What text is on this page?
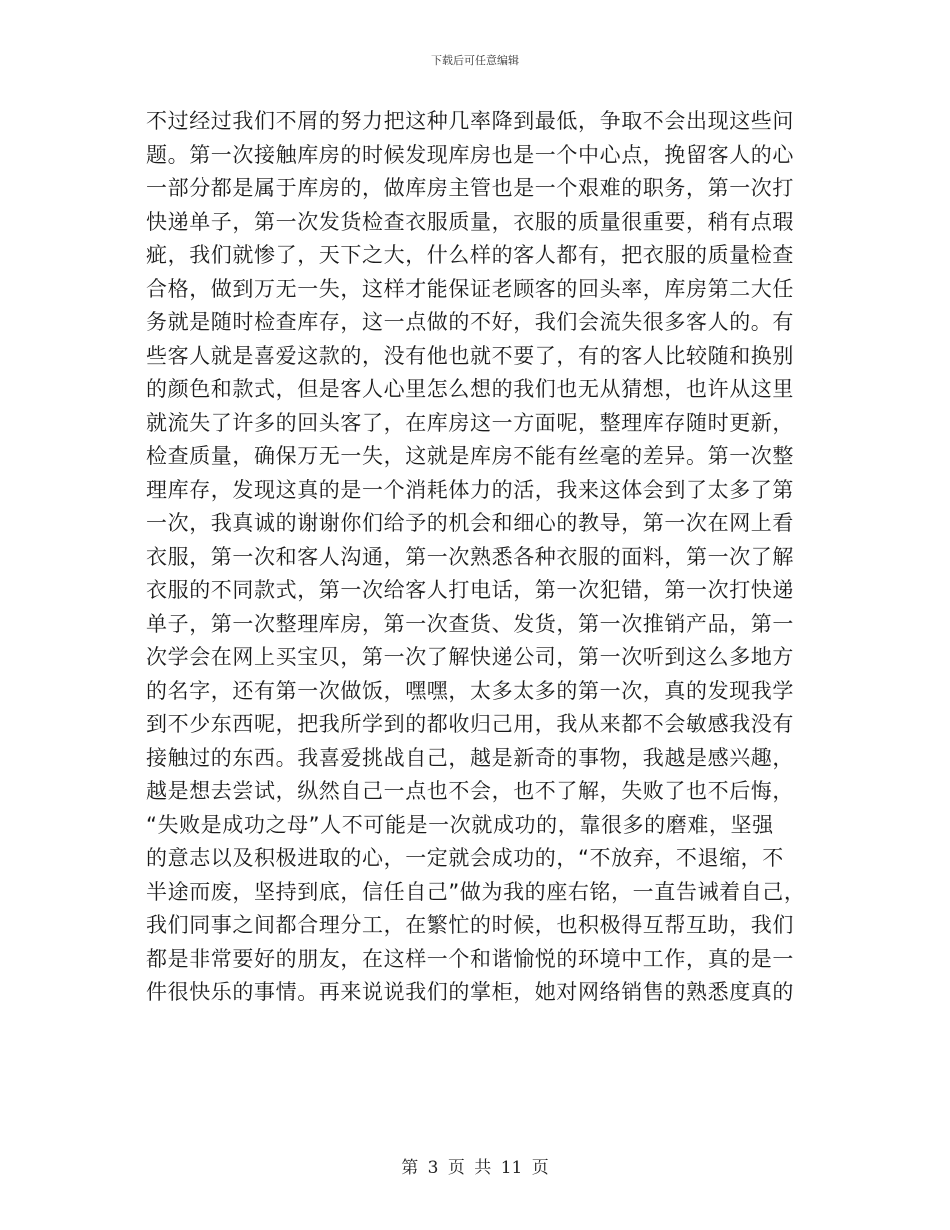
下载后可任意编辑
不过经过我们不屑的努力把这种几率降到最低，争取不会出现这些问
题。第一次接触库房的时候发现库房也是一个中心点，挽留客人的心
一部分都是属于库房的，做库房主管也是一个艰难的职务，第一次打
快递单子，第一次发货检查衣服质量，衣服的质量很重要，稍有点瑕
疵，我们就惨了，天下之大，什么样的客人都有，把衣服的质量检查
合格，做到万无一失，这样才能保证老顾客的回头率，库房第二大任
务就是随时检查库存，这一点做的不好，我们会流失很多客人的。有
些客人就是喜爱这款的，没有他也就不要了，有的客人比较随和换别
的颜色和款式，但是客人心里怎么想的我们也无从猜想，也许从这里
就流失了许多的回头客了，在库房这一方面呢，整理库存随时更新，
检查质量，确保万无一失，这就是库房不能有丝毫的差异。第一次整
理库存，发现这真的是一个消耗体力的活，我来这体会到了太多了第
一次，我真诚的谢谢你们给予的机会和细心的教导，第一次在网上看
衣服，第一次和客人沟通，第一次熟悉各种衣服的面料，第一次了解
衣服的不同款式，第一次给客人打电话，第一次犯错，第一次打快递
单子，第一次整理库房，第一次查货、发货，第一次推销产品，第一
次学会在网上买宝贝，第一次了解快递公司，第一次听到这么多地方
的名字，还有第一次做饭，嘿嘿，太多太多的第一次，真的发现我学
到不少东西呢，把我所学到的都收归己用，我从来都不会敏感我没有
接触过的东西。我喜爱挑战自己，越是新奇的事物，我越是感兴趣，
越是想去尝试，纵然自己一点也不会，也不了解，失败了也不后悔，
“失败是成功之母”人不可能是一次就成功的，靠很多的磨难，坚强
的意志以及积极进取的心，一定就会成功的，“不放弃，不退缩，不
半途而废，坚持到底，信任自己”做为我的座右铭，一直告诫着自己，
我们同事之间都合理分工，在繁忙的时候，也积极得互帮互助，我们
都是非常要好的朋友，在这样一个和谐愉悦的环境中工作，真的是一
件很快乐的事情。再来说说我们的掌柜，她对网络销售的熟悉度真的
第 3 页 共 11 页
